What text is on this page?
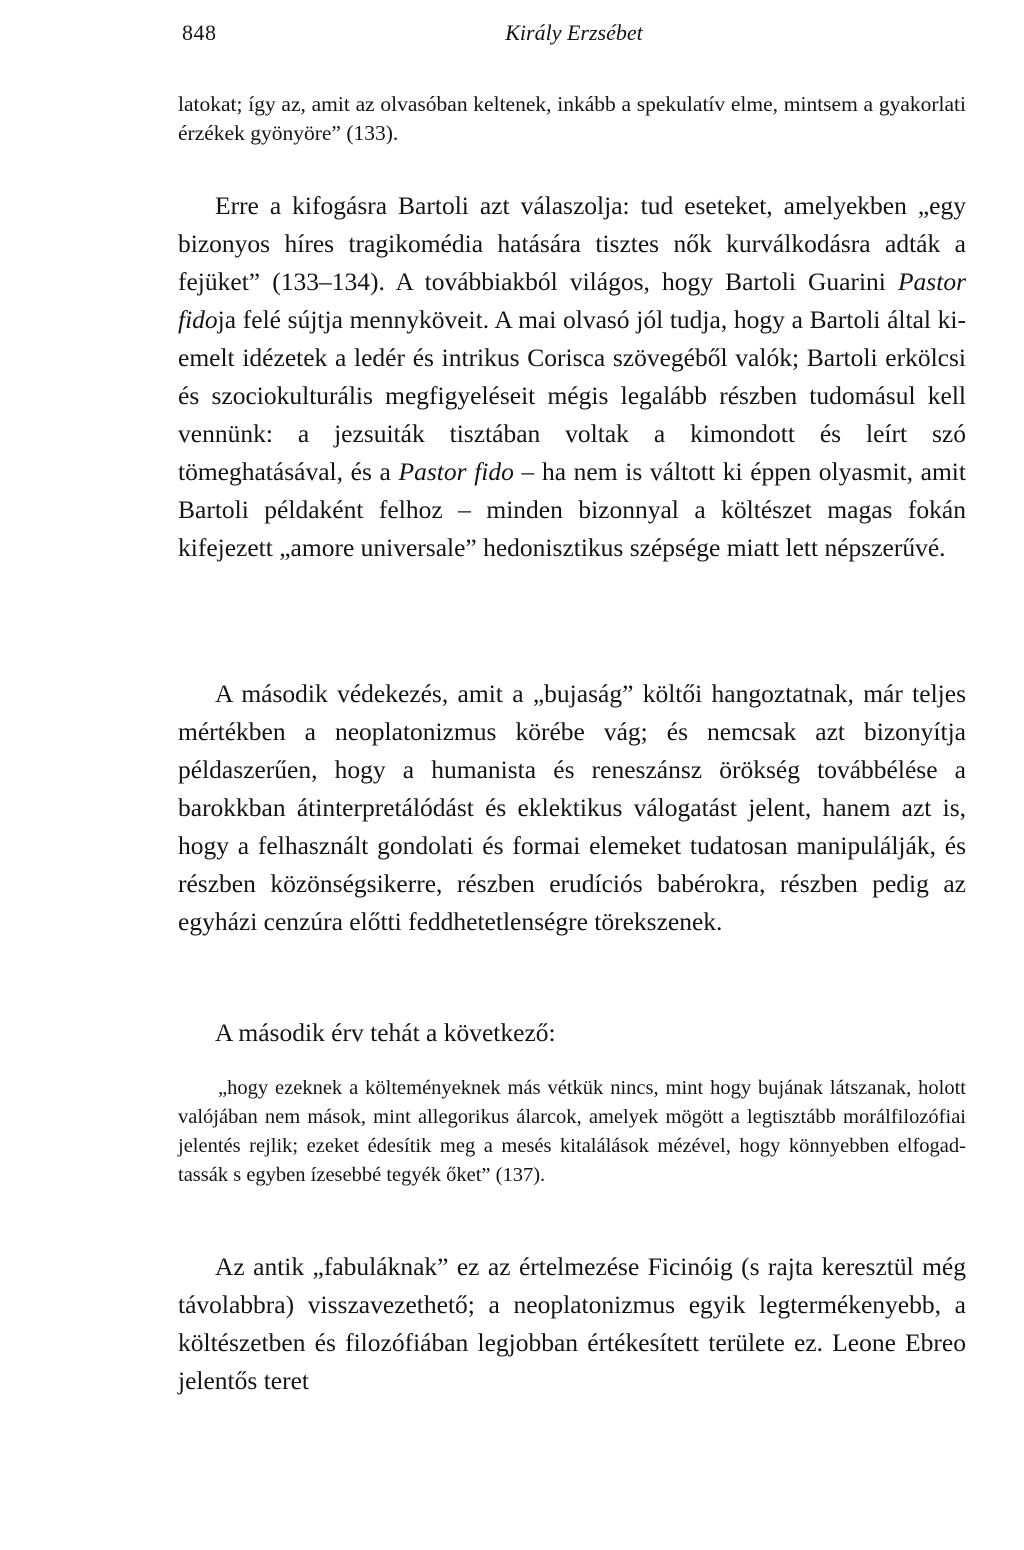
848	Király Erzsébet

latokat; így az, amit az olvasóban keltenek, inkább a spekulatív elme, mintsem a gyakorlati érzékek gyönyöre” (133).

Erre a kifogásra Bartoli azt válaszolja: tud eseteket, amelyekben „egy bizonyos híres tragikomédia hatására tisztes nők kurválkodásra adták a fejüket” (133–134). A továbbiakból világos, hogy Bartoli Guarini Pastor fidoja felé sújtja mennyköveit. A mai olvasó jól tudja, hogy a Bartoli által kiemelt idézetek a ledér és intrikus Corisca szövegéből valók; Bartoli erkölcsi és szociokulturális megfigyeléseit mégis legalább részben tudomásul kell vennünk: a jezsuiták tisztában voltak a kimondott és leírt szó tömeghatásával, és a Pastor fido – ha nem is váltott ki éppen olyasmit, amit Bartoli példaként felhoz – minden bizonnyal a költészet magas fokán kifejezett „amore universale” hedonisztikus szépsége miatt lett népszerűvé.

A második védekezés, amit a „bujaság” költői hangoztatnak, már teljes mértékben a neoplatonizmus körébe vág; és nemcsak azt bizonyítja példaszerűen, hogy a humanista és reneszánsz örökség továbbélése a barokkban átinterpretálódást és eklektikus válogatást jelent, hanem azt is, hogy a felhasznált gondolati és formai elemeket tudatosan manipulálják, és részben közönségsikerre, részben erudíciós babérokra, részben pedig az egyházi cenzúra előtti feddhetetlenségre törekszenek.

A második érv tehát a következő:

„hogy ezeknek a költeményeknek más vétkük nincs, mint hogy bujának látszanak, holott valójában nem mások, mint allegorikus álarcok, amelyek mögött a legtisztább morálfilozófiai jelentés rejlik; ezeket édesítik meg a mesés kitalálások mézével, hogy könnyebben elfogadtassák s egyben ízesebbé tegyék őket” (137).

Az antik „fabuláknak” ez az értelmezése Ficinóig (s rajta keresztül még távolabbra) visszavezethető; a neoplatonizmus egyik legtermékenyebb, a költészetben és filozófiában legjobban értékesített területe ez. Leone Ebreo jelentős teret
